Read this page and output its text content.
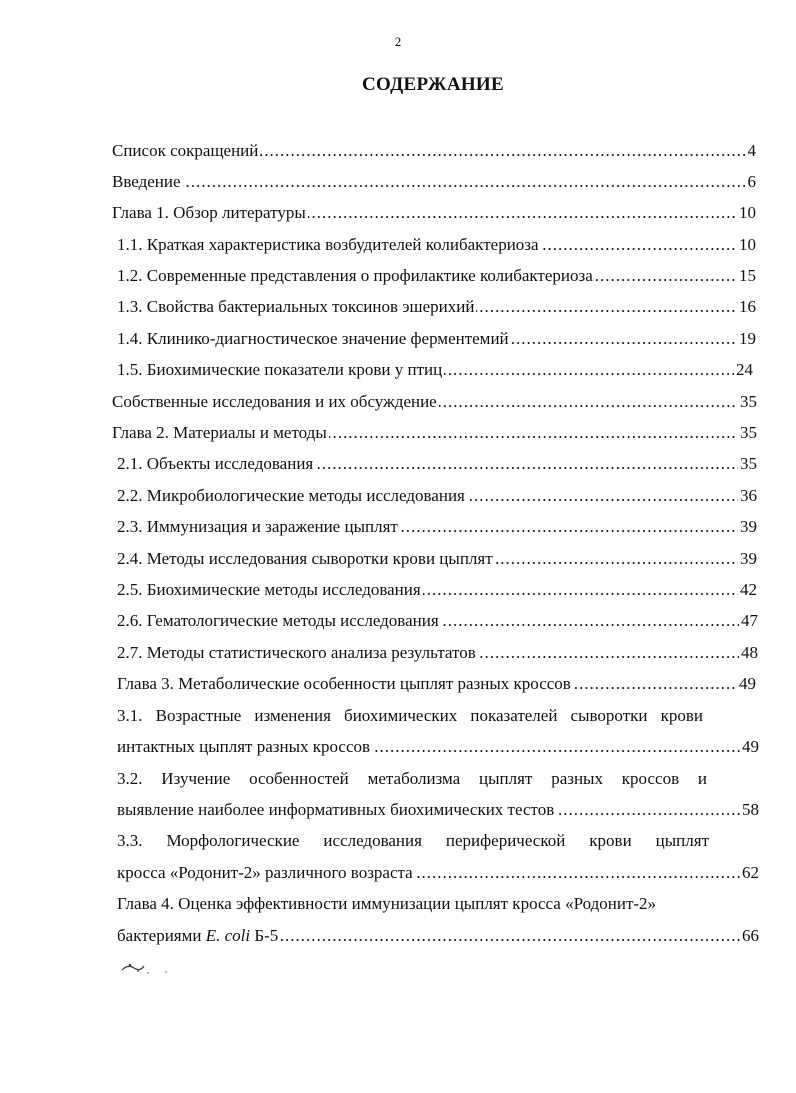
2
СОДЕРЖАНИЕ
.....
Список сокращений	4
.....
Введение	6
.....
Глава 1. Обзор литературы	10
.....
1.1. Краткая характеристика возбудителей колибактериоза	10
.....
1.2. Современные представления о профилактике колибактериоза	15
.....
1.3. Свойства бактериальных токсинов эшерихий	16
.....
1.4. Клинико-диагностическое значение ферментемий	19
.....
1.5. Биохимические показатели крови у птиц	24
.....
Собственные исследования и их обсуждение	35
.....
Глава 2. Материалы и методы	35
.....
2.1. Объекты исследования	35
.....
2.2. Микробиологические методы исследования	36
.....
2.3. Иммунизация и заражение цыплят	39
.....
2.4. Методы исследования сыворотки крови цыплят	39
.....
2.5. Биохимические методы исследования	42
.....
2.6. Гематологические методы исследования	47
.....
2.7. Методы статистического анализа результатов	48
.....
Глава 3. Метаболические особенности цыплят разных кроссов	49
3.1. Возрастные изменения биохимических показателей сыворотки крови
.....
интактных цыплят разных кроссов	49
3.2. Изучение особенностей метаболизма цыплят разных кроссов и
.....
выявление наиболее информативных биохимических тестов	58
3.3. Морфологические исследования периферической крови цыплят
.....
кросса «Родонит-2» различного возраста	62
Глава 4. Оценка эффективности иммунизации цыплят кросса «Родонит-2»
.....
бактериями E. coli Б-5	66
